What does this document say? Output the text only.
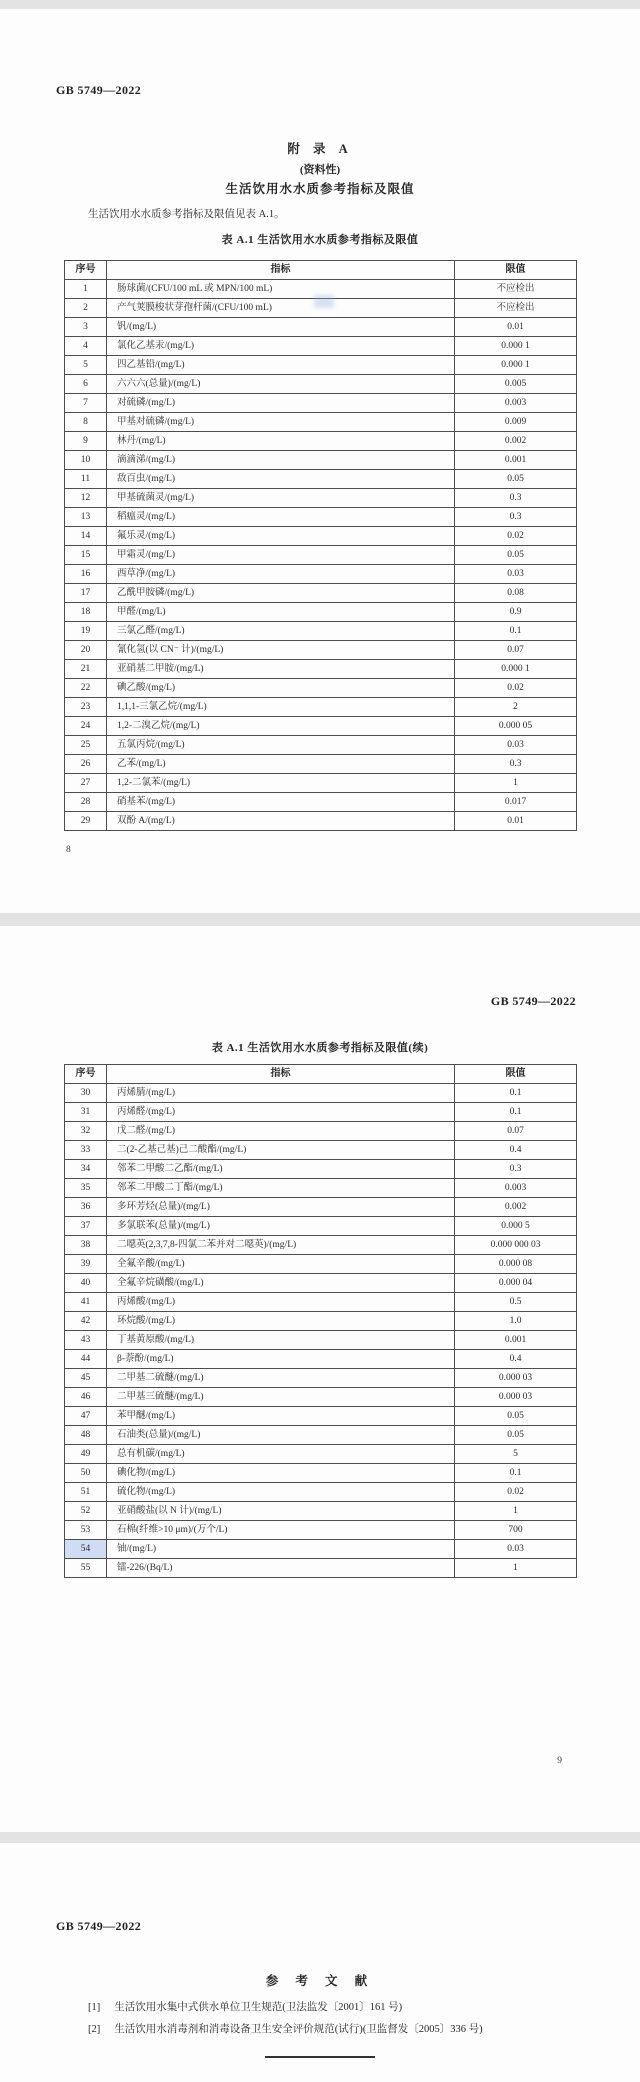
GB 5749—2022
附 录 A
(资料性)
生活饮用水水质参考指标及限值
生活饮用水水质参考指标及限值见表 A.1。
表 A.1 生活饮用水水质参考指标及限值
序号	指标	限值
1	肠球菌/(CFU/100 mL 或 MPN/100 mL)	不应检出
2	产气荚膜梭状芽孢杆菌/(CFU/100 mL)	不应检出
3	钒/(mg/L)	0.01
4	氯化乙基汞/(mg/L)	0.000 1
5	四乙基铅/(mg/L)	0.000 1
6	六六六(总量)/(mg/L)	0.005
7	对硫磷/(mg/L)	0.003
8	甲基对硫磷/(mg/L)	0.009
9	林丹/(mg/L)	0.002
10	滴滴涕/(mg/L)	0.001
11	敌百虫/(mg/L)	0.05
12	甲基硫菌灵/(mg/L)	0.3
13	稻瘟灵/(mg/L)	0.3
14	氟乐灵/(mg/L)	0.02
15	甲霜灵/(mg/L)	0.05
16	西草净/(mg/L)	0.03
17	乙酰甲胺磷/(mg/L)	0.08
18	甲醛/(mg/L)	0.9
19	三氯乙醛/(mg/L)	0.1
20	氰化氢(以 CN⁻ 计)/(mg/L)	0.07
21	亚硝基二甲胺/(mg/L)	0.000 1
22	碘乙酸/(mg/L)	0.02
23	1,1,1-三氯乙烷/(mg/L)	2
24	1,2-二溴乙烷/(mg/L)	0.000 05
25	五氯丙烷/(mg/L)	0.03
26	乙苯/(mg/L)	0.3
27	1,2-二氯苯/(mg/L)	1
28	硝基苯/(mg/L)	0.017
29	双酚 A/(mg/L)	0.01
8
GB 5749—2022
表 A.1 生活饮用水水质参考指标及限值(续)
序号	指标	限值
30	丙烯腈/(mg/L)	0.1
31	丙烯醛/(mg/L)	0.1
32	戊二醛/(mg/L)	0.07
33	二(2-乙基己基)己二酸酯/(mg/L)	0.4
34	邻苯二甲酸二乙酯/(mg/L)	0.3
35	邻苯二甲酸二丁酯/(mg/L)	0.003
36	多环芳烃(总量)/(mg/L)	0.002
37	多氯联苯(总量)/(mg/L)	0.000 5
38	二噁英(2,3,7,8-四氯二苯并对二噁英)/(mg/L)	0.000 000 03
39	全氟辛酸/(mg/L)	0.000 08
40	全氟辛烷磺酸/(mg/L)	0.000 04
41	丙烯酸/(mg/L)	0.5
42	环烷酸/(mg/L)	1.0
43	丁基黄原酸/(mg/L)	0.001
44	β-萘酚/(mg/L)	0.4
45	二甲基二硫醚/(mg/L)	0.000 03
46	二甲基三硫醚/(mg/L)	0.000 03
47	苯甲醚/(mg/L)	0.05
48	石油类(总量)/(mg/L)	0.05
49	总有机碳/(mg/L)	5
50	碘化物/(mg/L)	0.1
51	硫化物/(mg/L)	0.02
52	亚硝酸盐(以 N 计)/(mg/L)	1
53	石棉(纤维>10 μm)/(万个/L)	700
54	铀/(mg/L)	0.03
55	镭-226/(Bq/L)	1
9
GB 5749—2022
参 考 文 献
[1] 生活饮用水集中式供水单位卫生规范(卫法监发〔2001〕161 号)
[2] 生活饮用水消毒剂和消毒设备卫生安全评价规范(试行)(卫监督发〔2005〕336 号)
